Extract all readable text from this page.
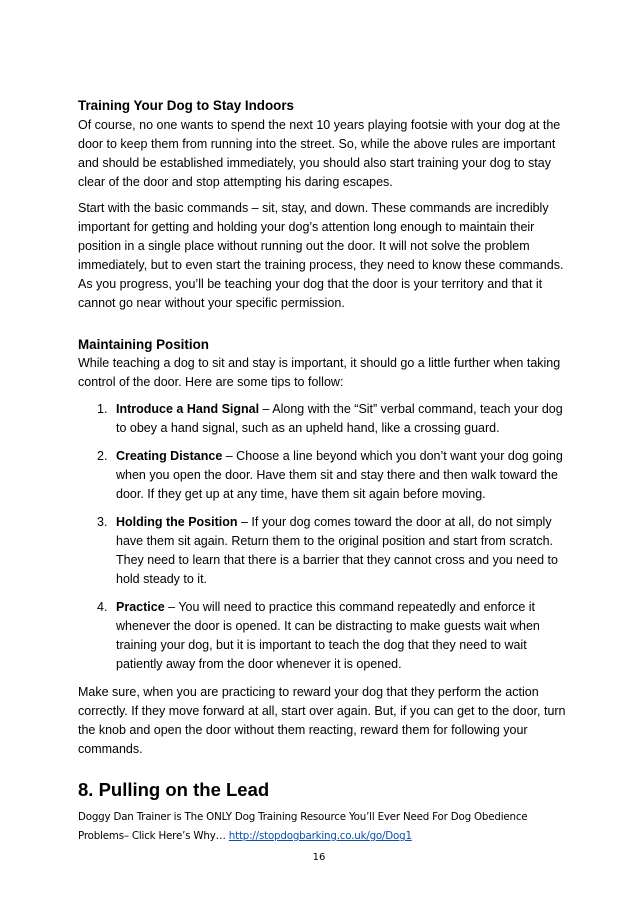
Training Your Dog to Stay Indoors

Of course, no one wants to spend the next 10 years playing footsie with your dog at the door to keep them from running into the street. So, while the above rules are important and should be established immediately, you should also start training your dog to stay clear of the door and stop attempting his daring escapes.

Start with the basic commands – sit, stay, and down. These commands are incredibly important for getting and holding your dog’s attention long enough to maintain their position in a single place without running out the door. It will not solve the problem immediately, but to even start the training process, they need to know these commands. As you progress, you’ll be teaching your dog that the door is your territory and that it cannot go near without your specific permission.

Maintaining Position

While teaching a dog to sit and stay is important, it should go a little further when taking control of the door. Here are some tips to follow:

1. Introduce a Hand Signal – Along with the “Sit” verbal command, teach your dog to obey a hand signal, such as an upheld hand, like a crossing guard.
2. Creating Distance – Choose a line beyond which you don’t want your dog going when you open the door. Have them sit and stay there and then walk toward the door. If they get up at any time, have them sit again before moving.
3. Holding the Position – If your dog comes toward the door at all, do not simply have them sit again. Return them to the original position and start from scratch. They need to learn that there is a barrier that they cannot cross and you need to hold steady to it.
4. Practice – You will need to practice this command repeatedly and enforce it whenever the door is opened. It can be distracting to make guests wait when training your dog, but it is important to teach the dog that they need to wait patiently away from the door whenever it is opened.

Make sure, when you are practicing to reward your dog that they perform the action correctly. If they move forward at all, start over again. But, if you can get to the door, turn the knob and open the door without them reacting, reward them for following your commands.

8. Pulling on the Lead

Doggy Dan Trainer is The ONLY Dog Training Resource You’ll Ever Need For Dog Obedience Problems– Click Here’s Why… http://stopdogbarking.co.uk/go/Dog1

16
